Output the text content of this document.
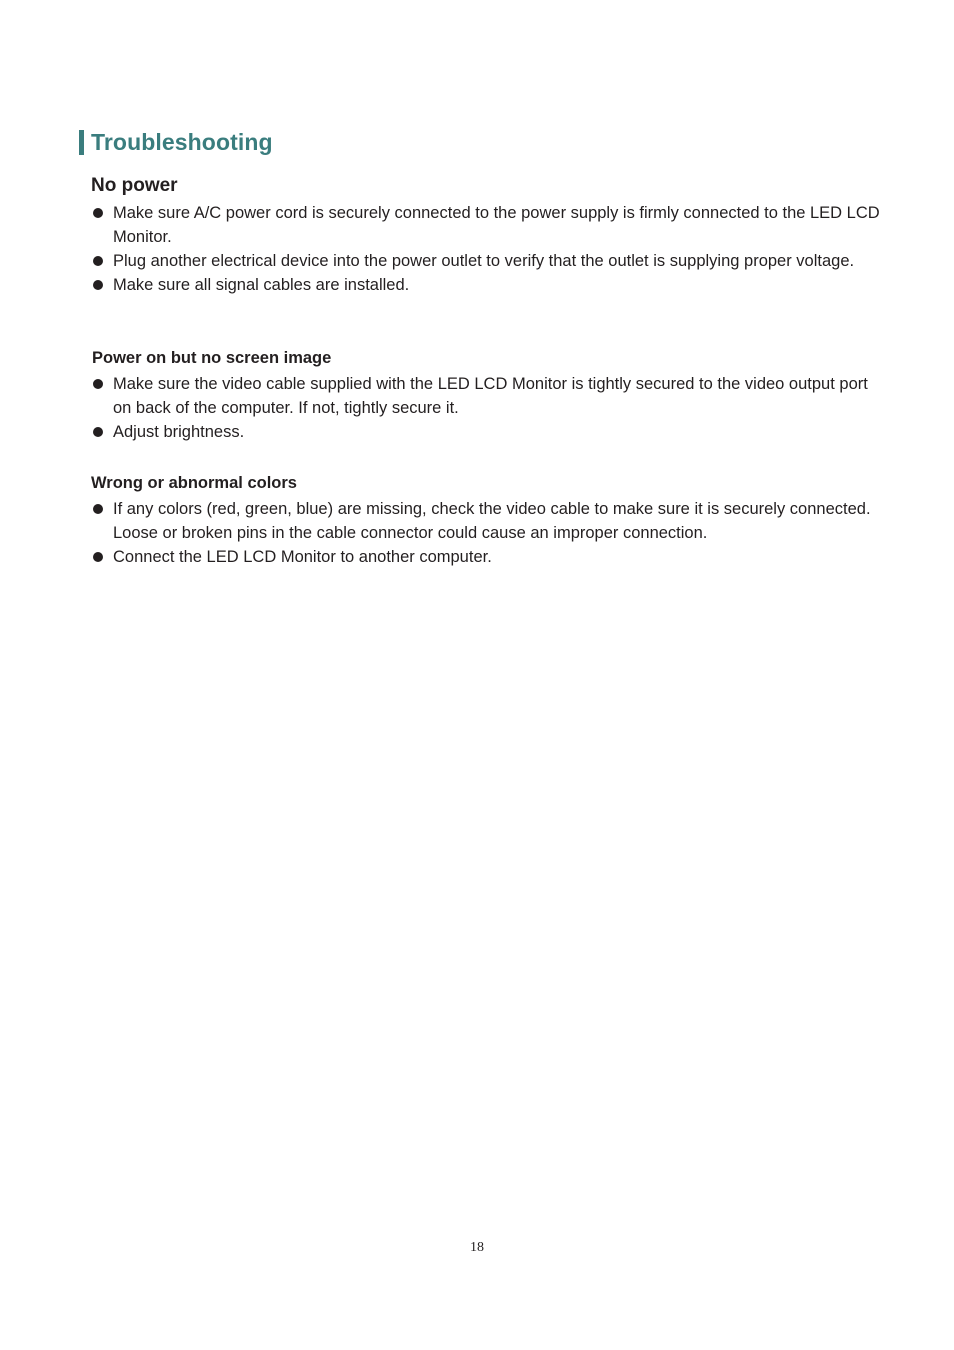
Troubleshooting
No power
Make sure A/C power cord is securely connected to the power supply is firmly connected to the LED LCD Monitor.
Plug another electrical device into the power outlet to verify that the outlet is supplying proper voltage.
Make sure all signal cables are installed.
Power on but no screen image
Make sure the video cable supplied with the LED LCD Monitor is tightly secured to the video output port on back of the computer. If not, tightly secure it.
Adjust brightness.
Wrong or abnormal colors
If any colors (red, green, blue) are missing, check the video cable to make sure it is securely connected. Loose or broken pins in the cable connector could cause an improper connection.
Connect the LED LCD Monitor to another computer.
18
